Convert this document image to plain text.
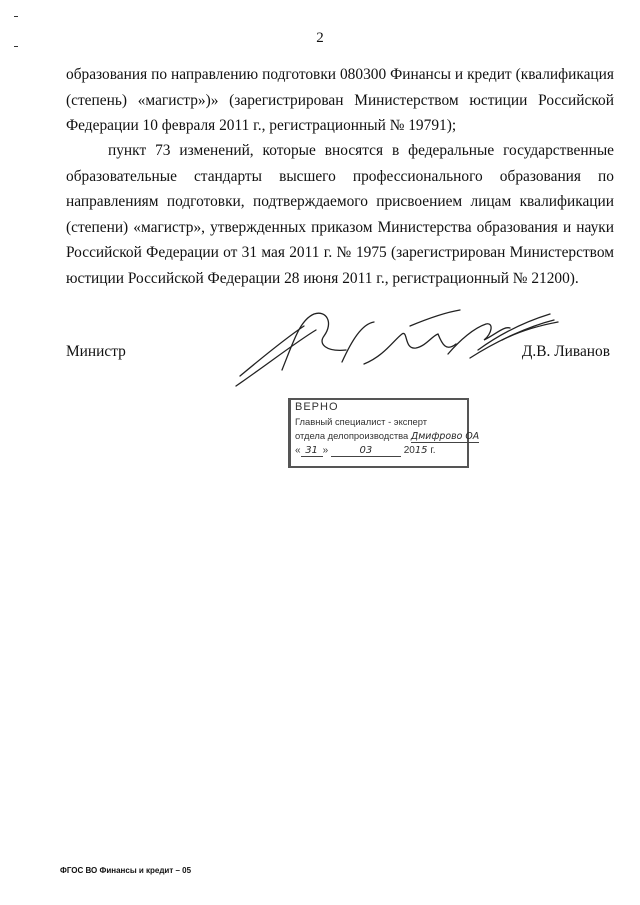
2
образования по направлению подготовки 080300 Финансы и кредит (квалификация (степень) «магистр»)» (зарегистрирован Министерством юстиции Российской Федерации 10 февраля 2011 г., регистрационный № 19791);
пункт 73 изменений, которые вносятся в федеральные государственные образовательные стандарты высшего профессионального образования по направлениям подготовки, подтверждаемого присвоением лицам квалификации (степени) «магистр», утвержденных приказом Министерства образования и науки Российской Федерации от 31 мая 2011 г. № 1975 (зарегистрирован Министерством юстиции Российской Федерации 28 июня 2011 г., регистрационный № 21200).
Министр	Д.В. Ливанов
ВЕРНО
Главный специалист - эксперт
отдела делопроизводства Дмифрово ОА
« 31 »	03	2015 г.
ФГОС ВО Финансы и кредит – 05
